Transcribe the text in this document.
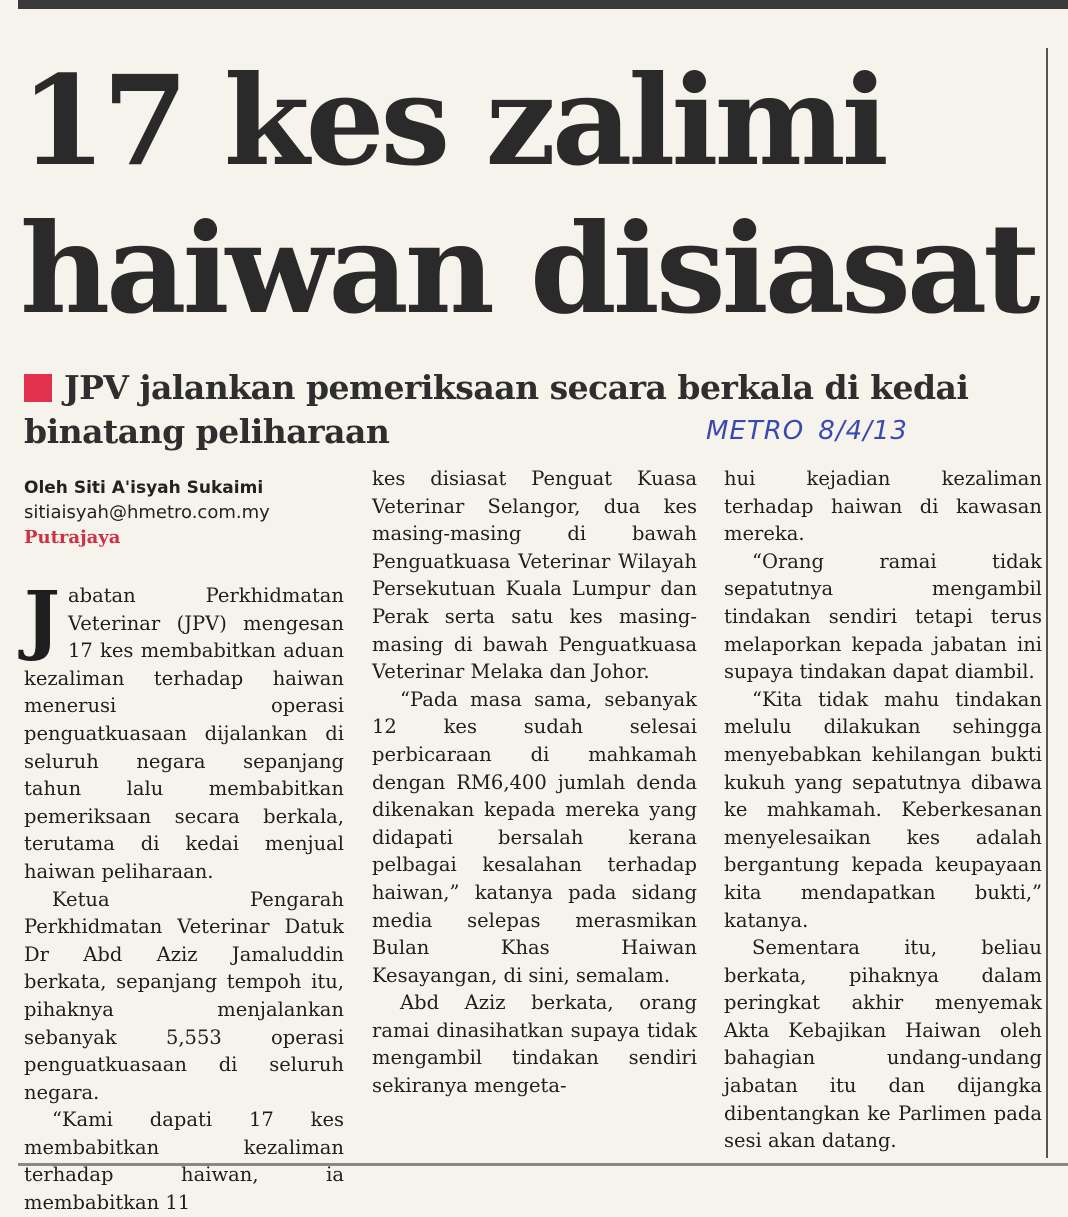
17 kes zalimi
haiwan disiasat
JPV jalankan pemeriksaan secara berkala di kedai binatang peliharaan	METRO 8/4/13
Oleh Siti A'isyah Sukaimi
sitiaisyah@hmetro.com.my
Putrajaya

Jabatan Perkhidmatan Veterinar (JPV) mengesan 17 kes membabitkan aduan kezaliman terhadap haiwan menerusi operasi penguatkuasaan dijalankan di seluruh negara sepanjang tahun lalu membabitkan pemeriksaan secara berkala, terutama di kedai menjual haiwan peliharaan.

Ketua Pengarah Perkhidmatan Veterinar Datuk Dr Abd Aziz Jamaluddin berkata, sepanjang tempoh itu, pihaknya menjalankan sebanyak 5,553 operasi penguatkuasaan di seluruh negara.

“Kami dapati 17 kes membabitkan kezaliman terhadap haiwan, ia membabitkan 11

kes disiasat Penguat Kuasa Veterinar Selangor, dua kes masing-masing di bawah Penguatkuasa Veterinar Wilayah Persekutuan Kuala Lumpur dan Perak serta satu kes masing-masing di bawah Penguatkuasa Veterinar Melaka dan Johor.

“Pada masa sama, sebanyak 12 kes sudah selesai perbicaraan di mahkamah dengan RM6,400 jumlah denda dikenakan kepada mereka yang didapati bersalah kerana pelbagai kesalahan terhadap haiwan,” katanya pada sidang media selepas merasmikan Bulan Khas Haiwan Kesayangan, di sini, semalam.

Abd Aziz berkata, orang ramai dinasihatkan supaya tidak mengambil tindakan sendiri sekiranya mengeta-

hui kejadian kezaliman terhadap haiwan di kawasan mereka.

“Orang ramai tidak sepatutnya mengambil tindakan sendiri tetapi terus melaporkan kepada jabatan ini supaya tindakan dapat diambil.

“Kita tidak mahu tindakan melulu dilakukan sehingga menyebabkan kehilangan bukti kukuh yang sepatutnya dibawa ke mahkamah. Keberkesanan menyelesaikan kes adalah bergantung kepada keupayaan kita mendapatkan bukti,” katanya.

Sementara itu, beliau berkata, pihaknya dalam peringkat akhir menyemak Akta Kebajikan Haiwan oleh bahagian undang-undang jabatan itu dan dijangka dibentangkan ke Parlimen pada sesi akan datang.
